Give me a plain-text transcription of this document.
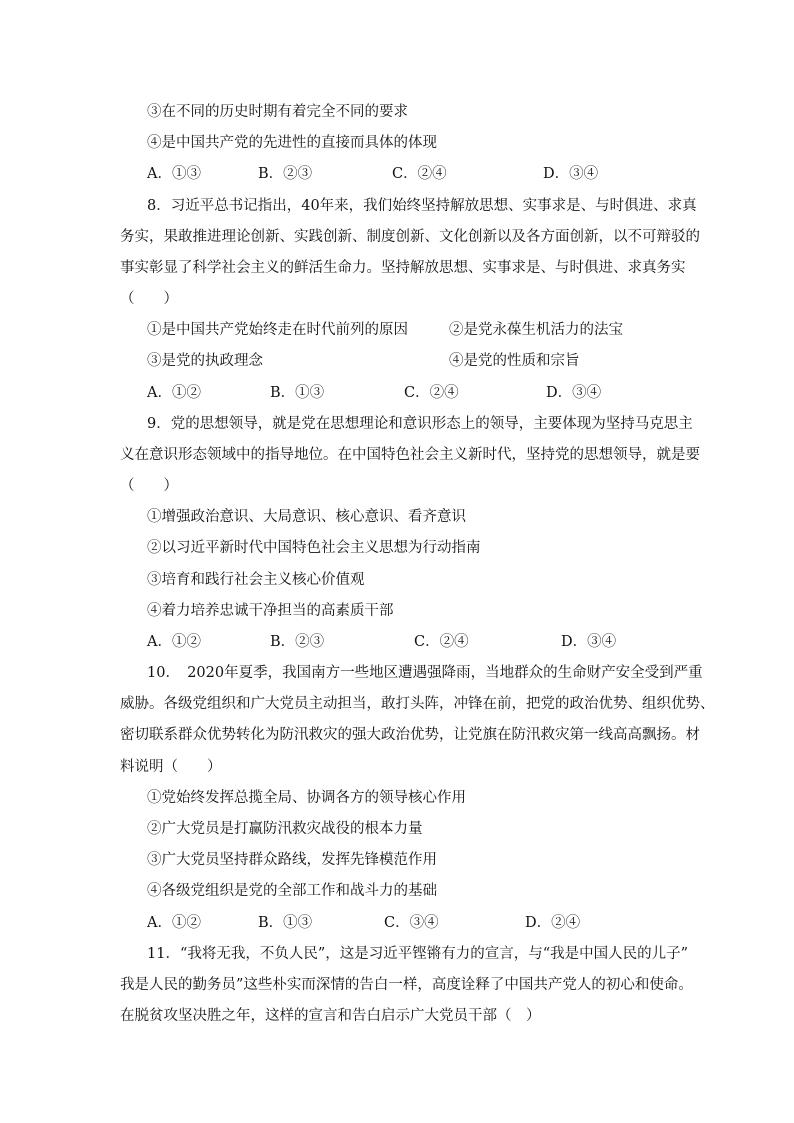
③在不同的历史时期有着完全不同的要求
④是中国共产党的先进性的直接而具体的体现
A．①③	B．②③	C．②④	D．③④
8．习近平总书记指出，40年来，我们始终坚持解放思想、实事求是、与时俱进、求真
务实，果敢推进理论创新、实践创新、制度创新、文化创新以及各方面创新，以不可辩驳的
事实彰显了科学社会主义的鲜活生命力。坚持解放思想、实事求是、与时俱进、求真务实
（　　）
①是中国共产党始终走在时代前列的原因	②是党永葆生机活力的法宝
③是党的执政理念	④是党的性质和宗旨
A．①②	B．①③	C．②④	D．③④
9．党的思想领导，就是党在思想理论和意识形态上的领导，主要体现为坚持马克思主
义在意识形态领域中的指导地位。在中国特色社会主义新时代，坚持党的思想领导，就是要
（　　）
①增强政治意识、大局意识、核心意识、看齐意识
②以习近平新时代中国特色社会主义思想为行动指南
③培育和践行社会主义核心价值观
④着力培养忠诚干净担当的高素质干部
A．①②	B．②③	C．②④	D．③④
10．　2020年夏季，我国南方一些地区遭遇强降雨，当地群众的生命财产安全受到严重
威胁。各级党组织和广大党员主动担当，敢打头阵，冲锋在前，把党的政治优势、组织优势、
密切联系群众优势转化为防汛救灾的强大政治优势，让党旗在防汛救灾第一线高高飘扬。材
料说明（　　）
①党始终发挥总揽全局、协调各方的领导核心作用
②广大党员是打赢防汛救灾战役的根本力量
③广大党员坚持群众路线，发挥先锋模范作用
④各级党组织是党的全部工作和战斗力的基础
A．①②	B．①③	C．③④	D．②④
11．“我将无我，不负人民”，这是习近平铿锵有力的宣言，与“我是中国人民的儿子”
我是人民的勤务员”这些朴实而深情的告白一样，高度诠释了中国共产党人的初心和使命。
在脱贫攻坚决胜之年，这样的宣言和告白启示广大党员干部（　）
